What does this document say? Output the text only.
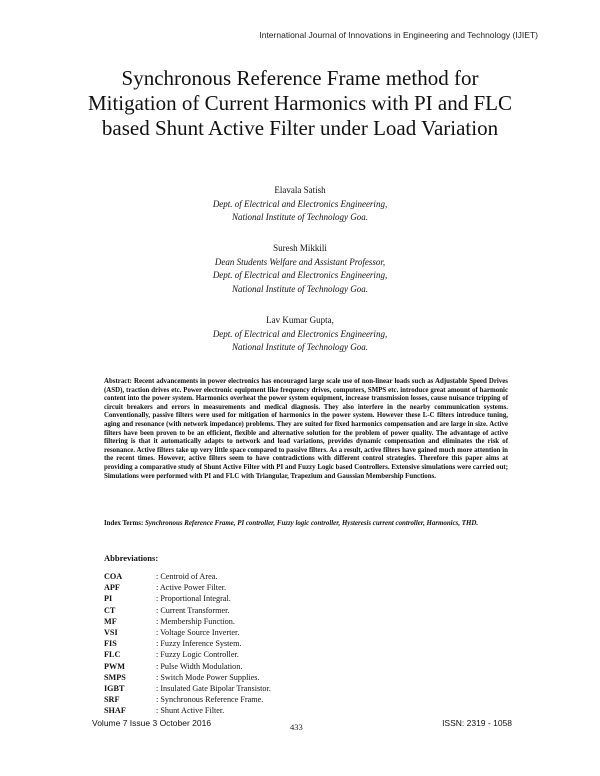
International Journal of Innovations in Engineering and Technology (IJIET)
Synchronous Reference Frame method for Mitigation of Current Harmonics with PI and FLC based Shunt Active Filter under Load Variation
Elavala Satish
Dept. of Electrical and Electronics Engineering,
National Institute of Technology Goa.
Suresh Mikkili
Dean Students Welfare and Assistant Professor,
Dept. of Electrical and Electronics Engineering,
National Institute of Technology Goa.
Lav Kumar Gupta,
Dept. of Electrical and Electronics Engineering,
National Institute of Technology Goa.

Abstract: Recent advancements in power electronics has encouraged large scale use of non-linear loads such as Adjustable Speed Drives (ASD), traction drives etc. Power electronic equipment like frequency drives, computers, SMPS etc. introduce great amount of harmonic content into the power system. Harmonics overheat the power system equipment, increase transmission losses, cause nuisance tripping of circuit breakers and errors in measurements and medical diagnosis. They also interfere in the nearby communication systems. Conventionally, passive filters were used for mitigation of harmonics in the power system. However these L-C filters introduce tuning, aging and resonance (with network impedance) problems. They are suited for fixed harmonics compensation and are large in size. Active filters have been proven to be an efficient, flexible and alternative solution for the problem of power quality. The advantage of active filtering is that it automatically adapts to network and load variations, provides dynamic compensation and eliminates the risk of resonance. Active filters take up very little space compared to passive filters. As a result, active filters have gained much more attention in the recent times. However, active filters seem to have contradictions with different control strategies. Therefore this paper aims at providing a comparative study of Shunt Active Filter with PI and Fuzzy Logic based Controllers. Extensive simulations were carried out; Simulations were performed with PI and FLC with Triangular, Trapezium and Gaussian Membership Functions.

Index Terms: Synchronous Reference Frame, PI controller, Fuzzy logic controller, Hysteresis current controller, Harmonics, THD.

Abbreviations:
COA	: Centroid of Area.
APF	: Active Power Filter.
PI	: Proportional Integral.
CT	: Current Transformer.
MF	: Membership Function.
VSI	: Voltage Source Inverter.
FIS	: Fuzzy Inference System.
FLC	: Fuzzy Logic Controller.
PWM	: Pulse Width Modulation.
SMPS	: Switch Mode Power Supplies.
IGBT	: Insulated Gate Bipolar Transistor.
SRF	: Synchronous Reference Frame.
SHAF	: Shunt Active Filter.
Volume 7 Issue 3 October 2016	433	ISSN: 2319 - 1058
